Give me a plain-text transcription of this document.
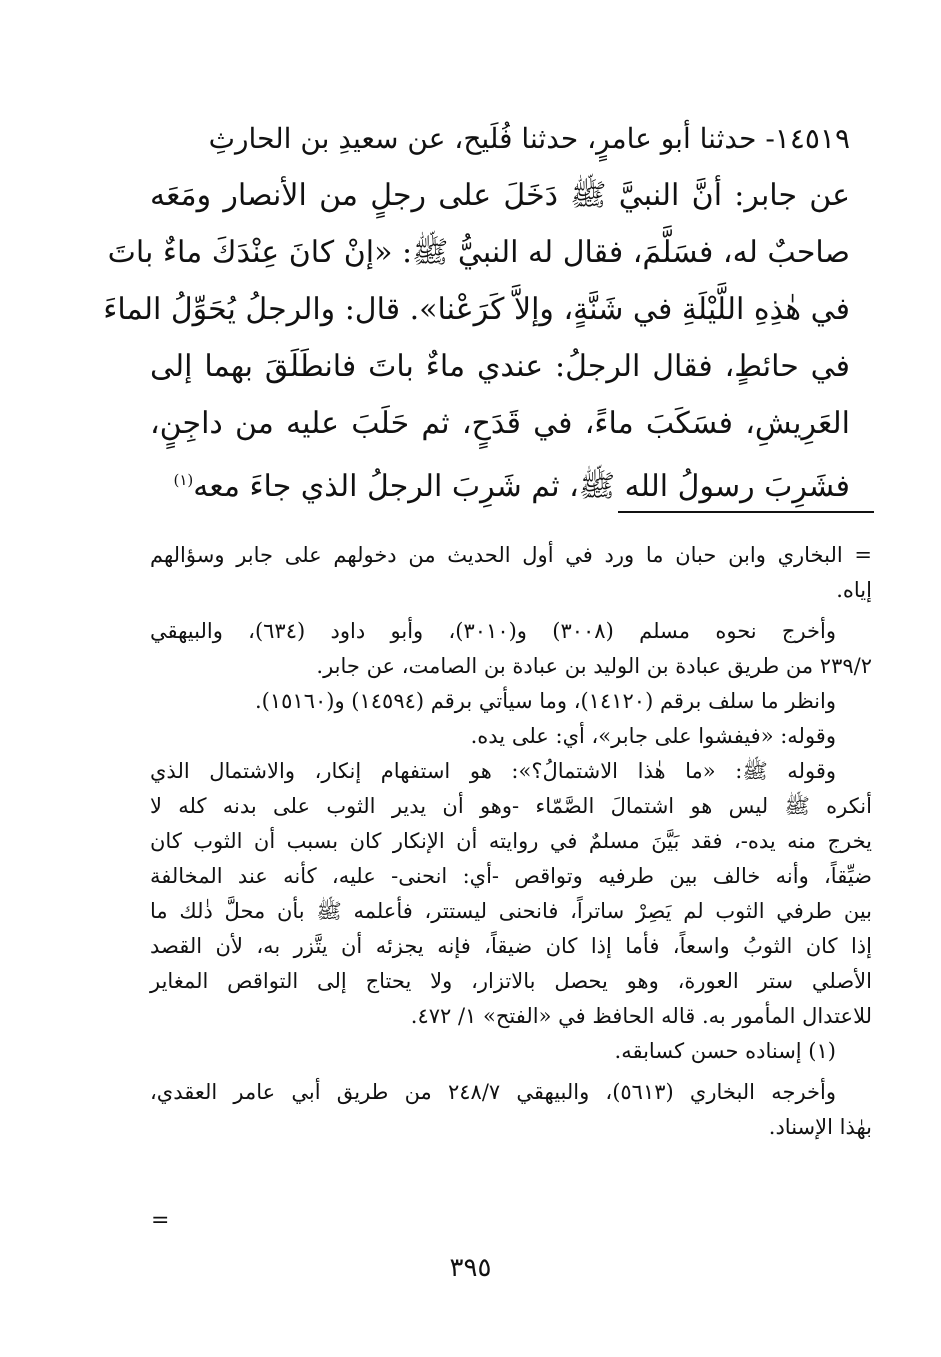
١٤٥١٩- حدثنا أبو عامرٍ، حدثنا فُلَيح، عن سعيدِ بن الحارثِ
عن جابر: أنَّ النبيَّ ﷺ دَخَلَ على رجلٍ من الأنصار ومَعَه
صاحبٌ له، فسَلَّمَ، فقال له النبيُّ ﷺ: «إنْ كانَ عِنْدَكَ ماءٌ باتَ
في هٰذِهِ اللَّيْلَةِ في شَنَّةٍ، وإلاَّ كَرَعْنا». قال: والرجلُ يُحَوِّلُ الماءَ
في حائطٍ، فقال الرجلُ: عندي ماءٌ باتَ فانطَلَقَ بهما إلى
العَرِيشِ، فسَكَبَ ماءً، في قَدَحٍ، ثم حَلَبَ عليه من داجِنٍ،
فشَرِبَ رسولُ الله ﷺ، ثم شَرِبَ الرجلُ الذي جاءَ معه$^{(١)}$
= البخاري وابن حبان ما ورد في أول الحديث من دخولهم على جابر وسؤالهم
إياه.
وأخرج نحوه مسلم (٣٠٠٨) و(٣٠١٠)، وأبو داود (٦٣٤)، والبيهقي
٢٣٩/٢ من طريق عبادة بن الوليد بن عبادة بن الصامت، عن جابر.
وانظر ما سلف برقم (١٤١٢٠)، وما سيأتي برقم (١٤٥٩٤) و(١٥١٦٠).
وقوله: «فيفشوا على جابر»، أي: على يده.
وقوله ﷺ: «ما هٰذا الاشتمالُ؟»: هو استفهام إنكار، والاشتمال الذي
أنكره ﷺ ليس هو اشتمالَ الصَّمّاء -وهو أن يدير الثوب على بدنه كله لا
يخرج منه يده-، فقد بَيَّنَ مسلمٌ في روايته أن الإنكار كان بسبب أن الثوب كان
ضيِّقاً، وأنه خالف بين طرفيه وتواقص -أي: انحنى- عليه، كأنه عند المخالفة
بين طرفي الثوب لم يَصِرْ ساتراً، فانحنى ليستتر، فأعلمه ﷺ بأن محلَّ ذٰلك ما
إذا كان الثوبُ واسعاً، فأما إذا كان ضيقاً، فإنه يجزئه أن يتَّزر به، لأن القصد
الأصلي ستر العورة، وهو يحصل بالاتزار، ولا يحتاج إلى التواقص المغاير
للاعتدال المأمور به. قاله الحافظ في «الفتح» ١/ ٤٧٢.
(١) إسناده حسن كسابقه.
وأخرجه البخاري (٥٦١٣)، والبيهقي ٢٤٨/٧ من طريق أبي عامر العقدي،
بهٰذا الإسناد.
=
٣٩٥
